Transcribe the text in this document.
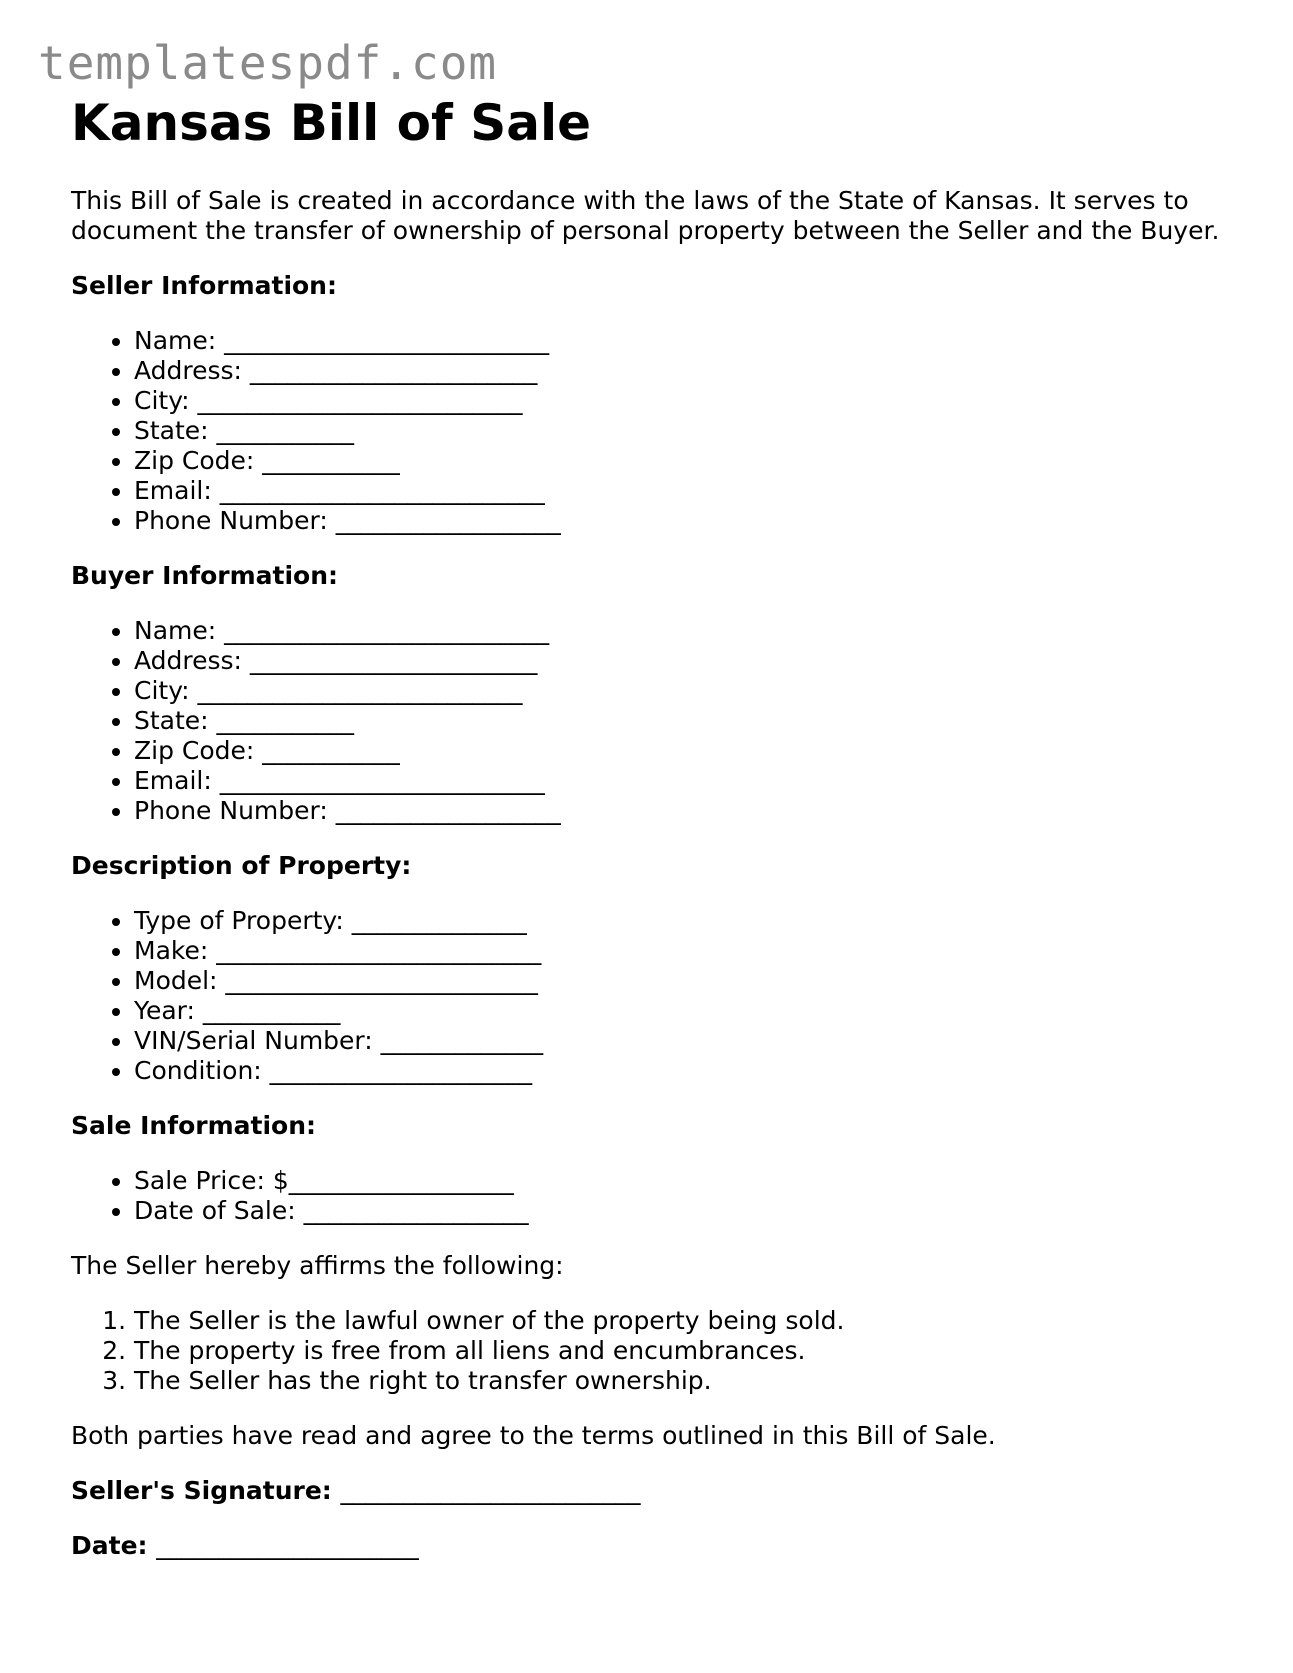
templatespdf.com
Kansas Bill of Sale

This Bill of Sale is created in accordance with the laws of the State of Kansas. It serves to document the transfer of ownership of personal property between the Seller and the Buyer.

Seller Information:
• Name: __________________________
• Address: _______________________
• City: __________________________
• State: ___________
• Zip Code: ___________
• Email: __________________________
• Phone Number: __________________
Buyer Information:
• Name: __________________________
• Address: _______________________
• City: __________________________
• State: ___________
• Zip Code: ___________
• Email: __________________________
• Phone Number: __________________
Description of Property:
• Type of Property: ______________
• Make: __________________________
• Model: _________________________
• Year: ___________
• VIN/Serial Number: _____________
• Condition: _____________________
Sale Information:
• Sale Price: $__________________
• Date of Sale: __________________

The Seller hereby affirms the following:

1. The Seller is the lawful owner of the property being sold.
2. The property is free from all liens and encumbrances.
3. The Seller has the right to transfer ownership.

Both parties have read and agree to the terms outlined in this Bill of Sale.

Seller's Signature: ________________________
Date: _____________________
